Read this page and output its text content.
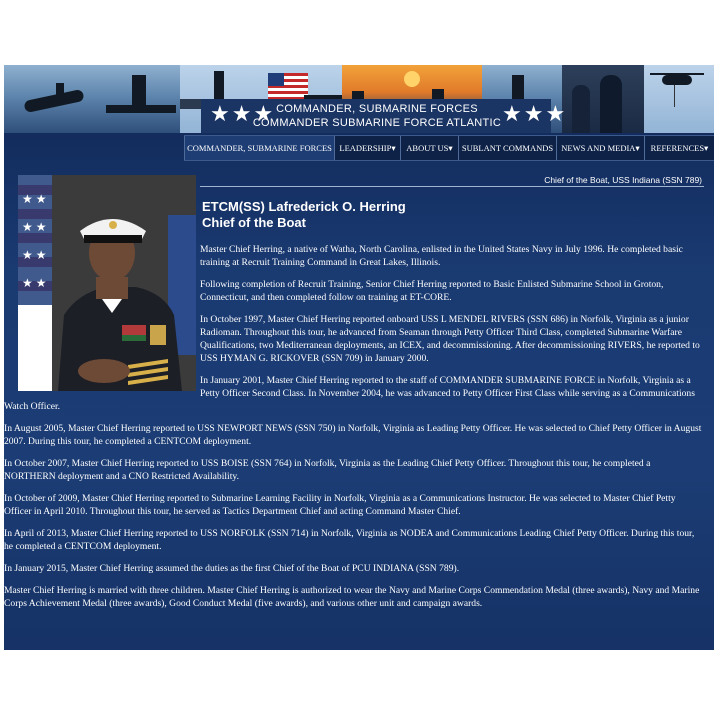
★★★ COMMANDER, SUBMARINE FORCES
COMMANDER SUBMARINE FORCE ATLANTIC ★★★
COMMANDER, SUBMARINE FORCES LEADERSHIP▾	ABOUT US▾	SUBLANT COMMANDS NEWS AND MEDIA▾	REFERENCES▾
Chief of the Boat, USS Indiana (SSN 789)
★ ★
★ ★
★ ★
★ ★
ETCM(SS) Lafrederick O. Herring
Chief of the Boat

Master Chief Herring, a native of Watha, North Carolina, enlisted in the United States Navy in July 1996. He completed basic training at Recruit Training Command in Great Lakes, Illinois.

Following completion of Recruit Training, Senior Chief Herring reported to Basic Enlisted Submarine School in Groton, Connecticut, and then completed follow on training at ET-CORE.

In October 1997, Master Chief Herring reported onboard USS L MENDEL RIVERS (SSN 686) in Norfolk, Virginia as a junior Radioman. Throughout this tour, he advanced from Seaman through Petty Officer Third Class, completed Submarine Warfare Qualifications, two Mediterranean deployments, an ICEX, and decommissioning. After decommissioning RIVERS, he reported to USS HYMAN G. RICKOVER (SSN 709) in January 2000.

In January 2001, Master Chief Herring reported to the staff of COMMANDER SUBMARINE FORCE in Norfolk, Virginia as a Petty Officer Second Class. In November 2004, he was advanced to Petty Officer First Class while serving as a Communications Watch Officer.

In August 2005, Master Chief Herring reported to USS NEWPORT NEWS (SSN 750) in Norfolk, Virginia as Leading Petty Officer. He was selected to Chief Petty Officer in August 2007. During this tour, he completed a CENTCOM deployment.

In October 2007, Master Chief Herring reported to USS BOISE (SSN 764) in Norfolk, Virginia as the Leading Chief Petty Officer. Throughout this tour, he completed a NORTHERN deployment and a CNO Restricted Availability.

In October of 2009, Master Chief Herring reported to Submarine Learning Facility in Norfolk, Virginia as a Communications Instructor. He was selected to Master Chief Petty Officer in April 2010. Throughout this tour, he served as Tactics Department Chief and acting Command Master Chief.

In April of 2013, Master Chief Herring reported to USS NORFOLK (SSN 714) in Norfolk, Virginia as NODEA and Communications Leading Chief Petty Officer. During this tour, he completed a CENTCOM deployment.

In January 2015, Master Chief Herring assumed the duties as the first Chief of the Boat of PCU INDIANA (SSN 789).

Master Chief Herring is married with three children. Master Chief Herring is authorized to wear the Navy and Marine Corps Commendation Medal (three awards), Navy and Marine Corps Achievement Medal (three awards), Good Conduct Medal (five awards), and various other unit and campaign awards.
